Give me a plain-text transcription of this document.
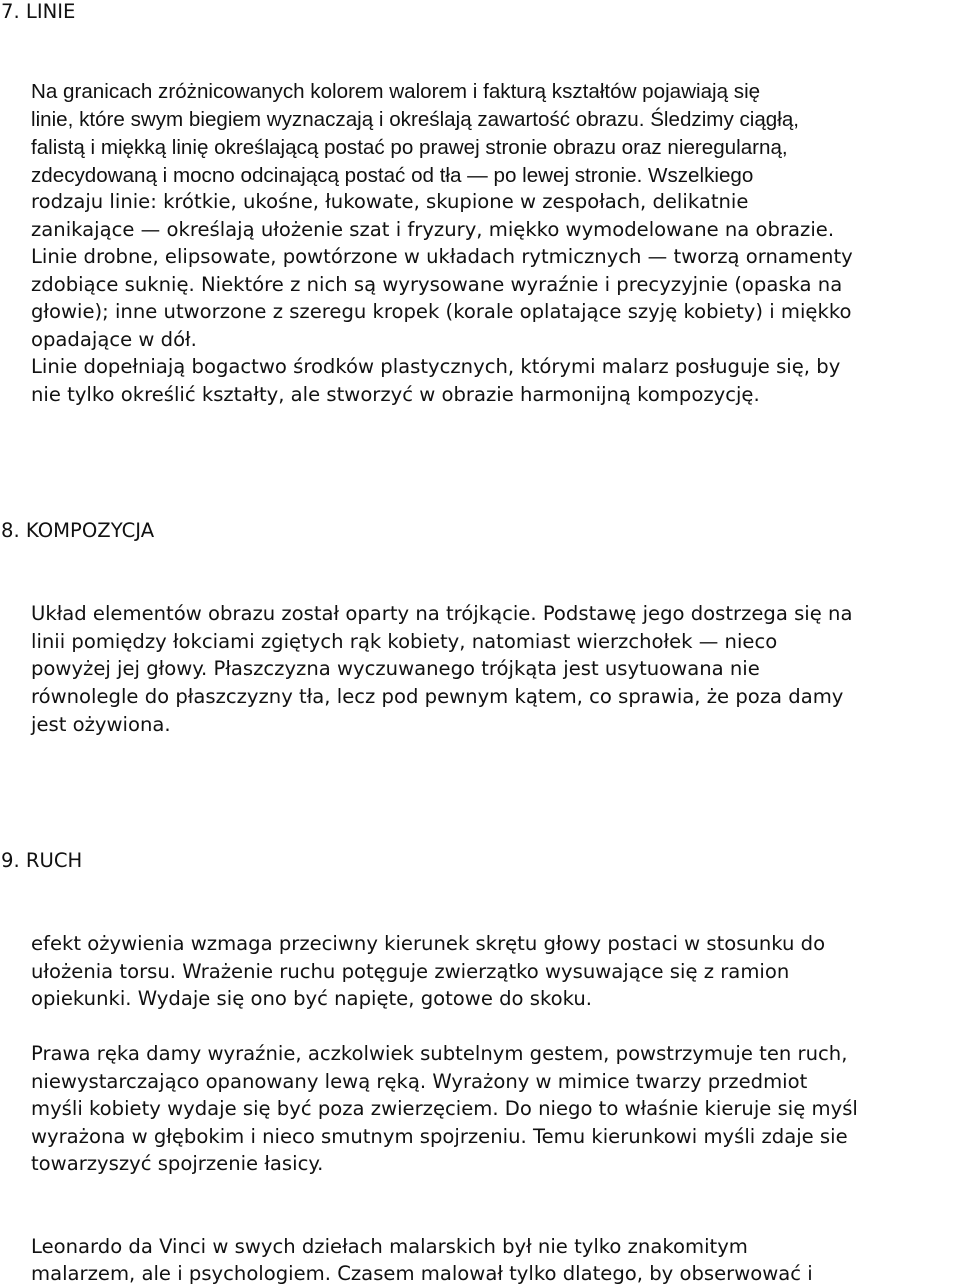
7. LINIE

Na granicach zróżnicowanych kolorem walorem i fakturą kształtów pojawiają się

linie, które swym biegiem wyznaczają i określają zawartość obrazu. Śledzimy ciągłą,

falistą i miękką linię określającą postać po prawej stronie obrazu oraz nieregularną,

zdecydowaną i mocno odcinającą postać od tła — po lewej stronie. Wszelkiego

rodzaju linie: krótkie, ukośne, łukowate, skupione w zespołach, delikatnie

zanikające — określają ułożenie szat i fryzury, miękko wymodelowane na obrazie.

Linie drobne, elipsowate, powtórzone w układach rytmicznych — tworzą ornamenty

zdobiące suknię. Niektóre z nich są wyrysowane wyraźnie i precyzyjnie (opaska na

głowie); inne utworzone z szeregu kropek (korale oplatające szyję kobiety) i miękko

opadające w dół.

Linie dopełniają bogactwo środków plastycznych, którymi malarz posługuje się, by

nie tylko określić kształty, ale stworzyć w obrazie harmonijną kompozycję.

8. KOMPOZYCJA

Układ elementów obrazu został oparty na trójkącie. Podstawę jego dostrzega się na

linii pomiędzy łokciami zgiętych rąk kobiety, natomiast wierzchołek — nieco

powyżej jej głowy. Płaszczyzna wyczuwanego trójkąta jest usytuowana nie

równolegle do płaszczyzny tła, lecz pod pewnym kątem, co sprawia, że poza damy

jest ożywiona.

9. RUCH

efekt ożywienia wzmaga przeciwny kierunek skrętu głowy postaci w stosunku do

ułożenia torsu. Wrażenie ruchu potęguje zwierzątko wysuwające się z ramion

opiekunki. Wydaje się ono być napięte, gotowe do skoku.

Prawa ręka damy wyraźnie, aczkolwiek subtelnym gestem, powstrzymuje ten ruch,

niewystarczająco opanowany lewą ręką. Wyrażony w mimice twarzy przedmiot

myśli kobiety wydaje się być poza zwierzęciem. Do niego to właśnie kieruje się myśl

wyrażona w głębokim i nieco smutnym spojrzeniu. Temu kierunkowi myśli zdaje sie

towarzyszyć spojrzenie łasicy.

Leonardo da Vinci w swych dziełach malarskich był nie tylko znakomitym

malarzem, ale i psychologiem. Czasem malował tylko dlatego, by obserwować i
